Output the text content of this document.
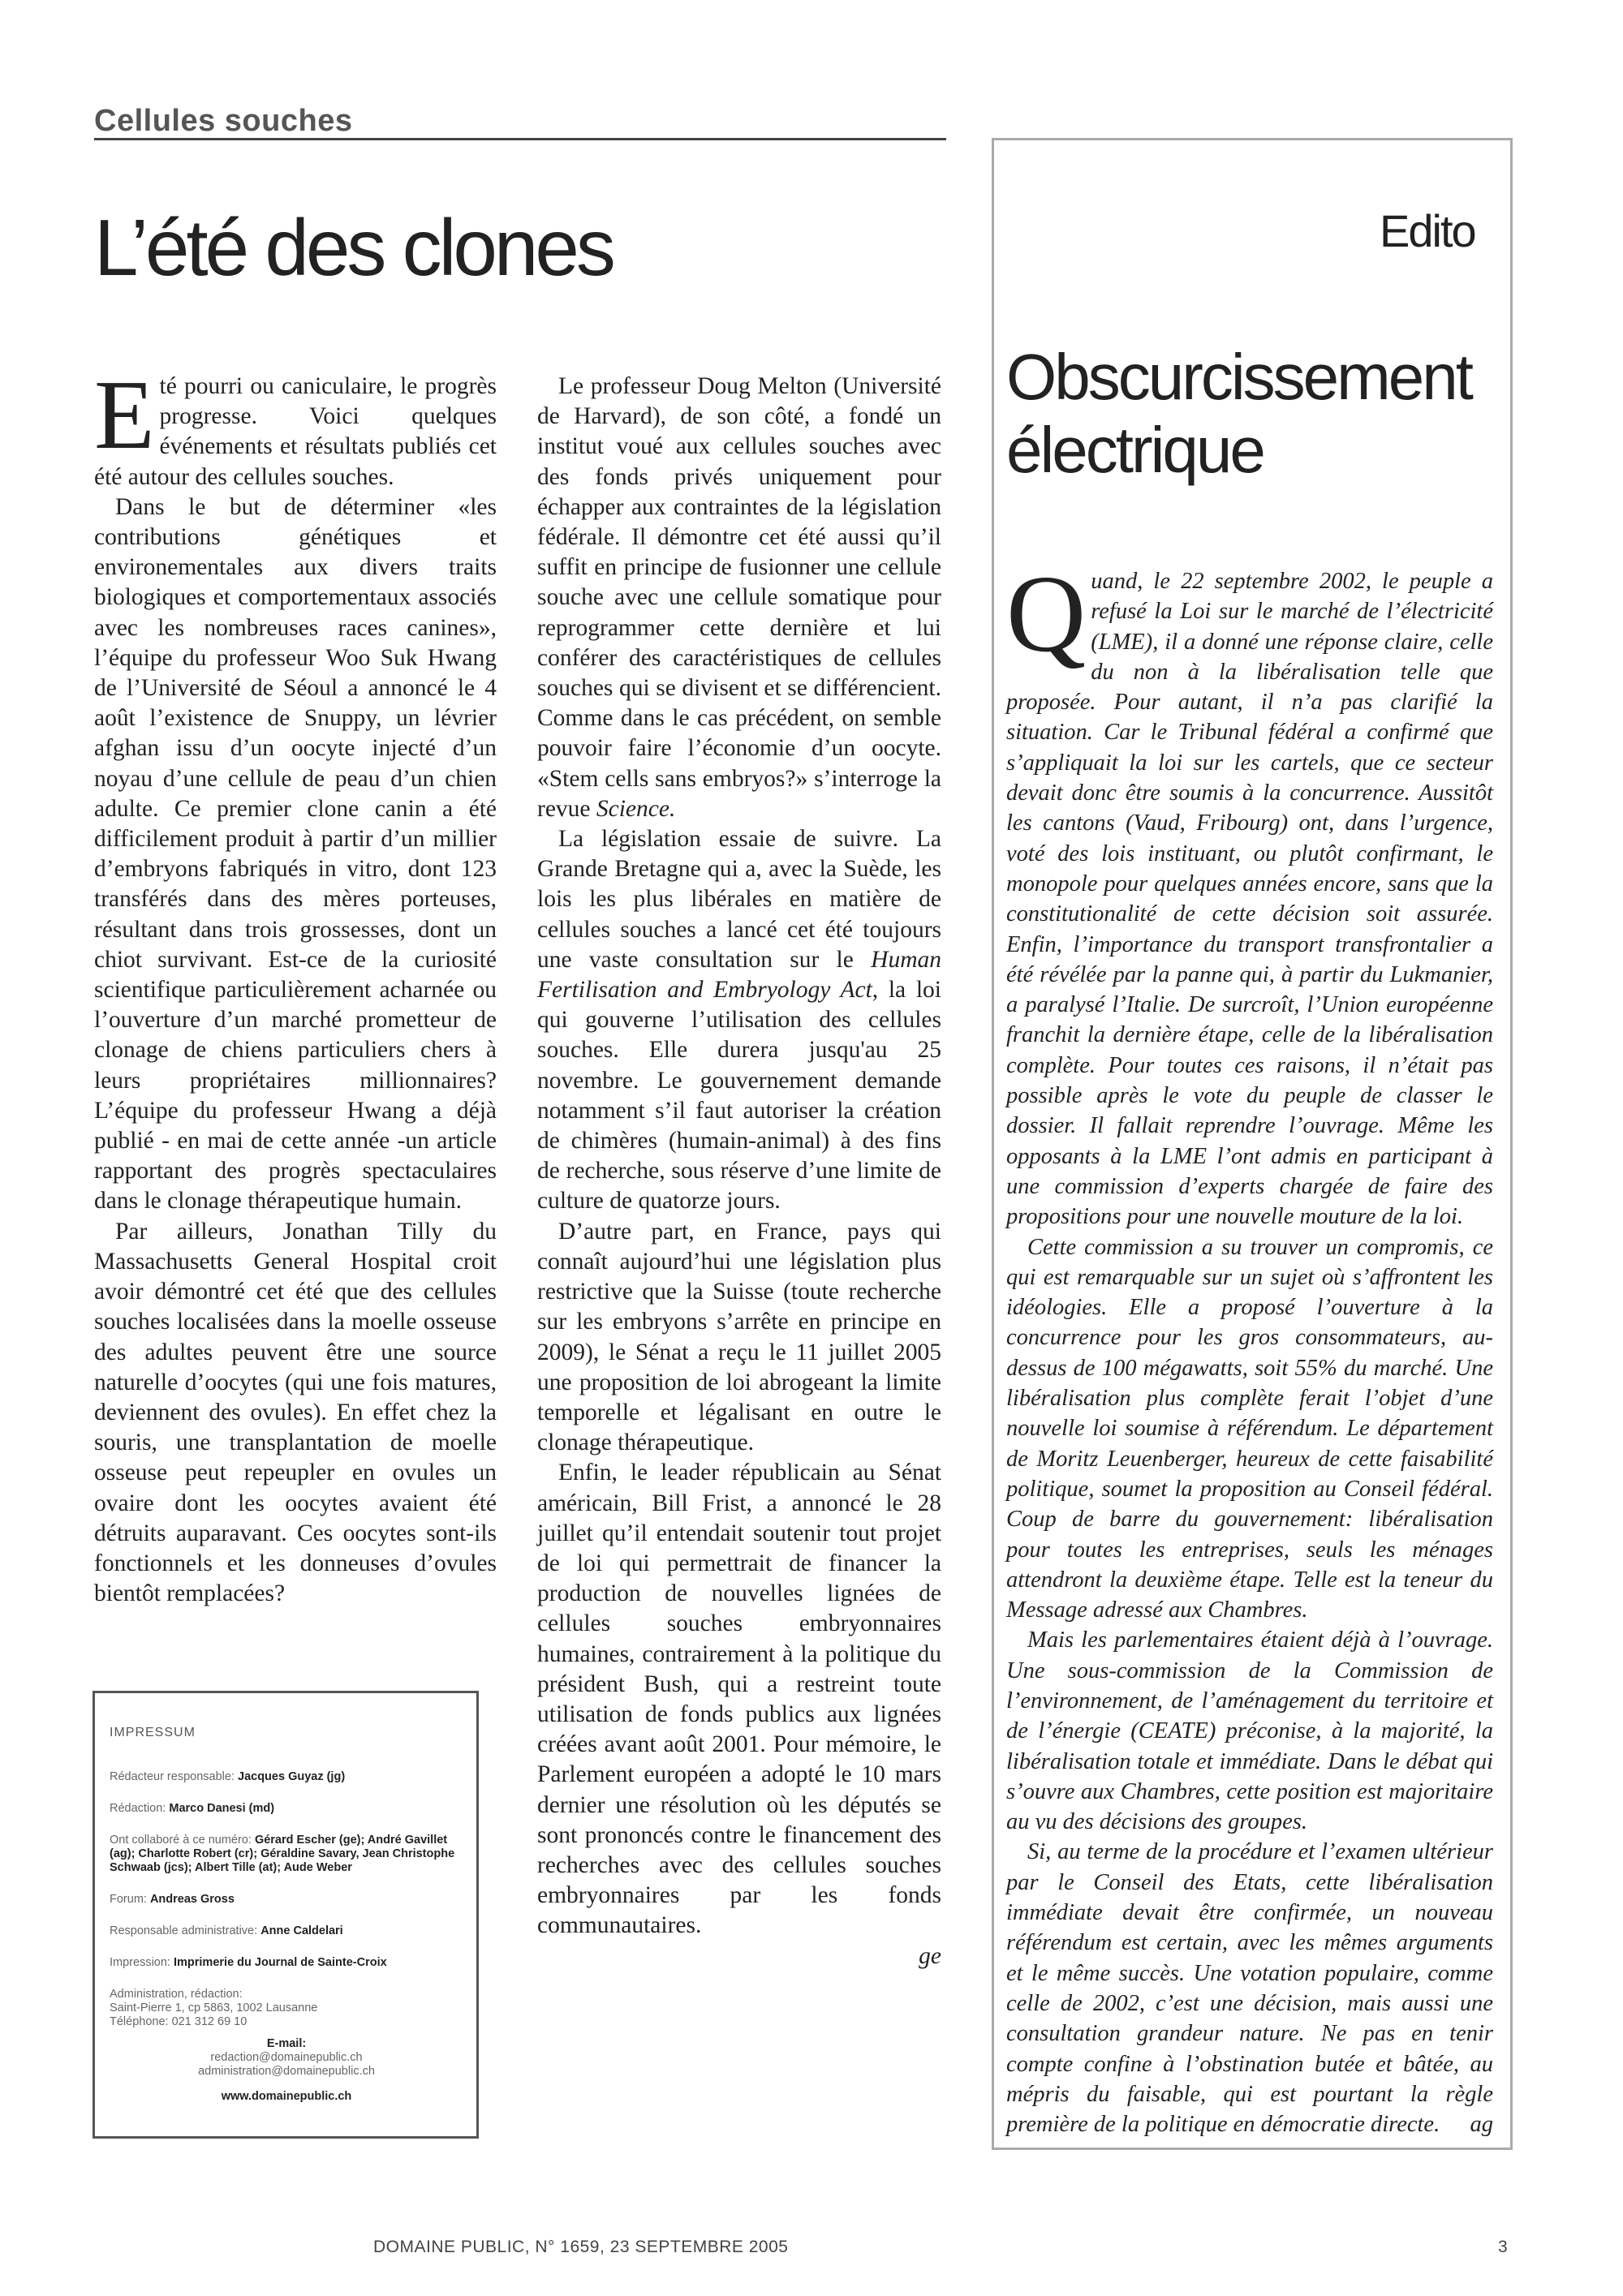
Cellules souches
L’été des clones

Eté pourri ou caniculaire, le progrès progresse. Voici quelques événements et résultats publiés cet été autour des cellules souches.

Dans le but de déterminer «les contributions génétiques et environementales aux divers traits biologiques et comportementaux associés avec les nombreuses races canines», l’équipe du professeur Woo Suk Hwang de l’Université de Séoul a annoncé le 4 août l’existence de Snuppy, un lévrier afghan issu d’un oocyte injecté d’un noyau d’une cellule de peau d’un chien adulte. Ce premier clone canin a été difficilement produit à partir d’un millier d’embryons fabriqués in vitro, dont 123 transférés dans des mères porteuses, résultant dans trois grossesses, dont un chiot survivant. Est-ce de la curiosité scientifique particulièrement acharnée ou l’ouverture d’un marché prometteur de clonage de chiens particuliers chers à leurs propriétaires millionnaires? L’équipe du professeur Hwang a déjà publié - en mai de cette année -un article rapportant des progrès spectaculaires dans le clonage thérapeutique humain.

Par ailleurs, Jonathan Tilly du Massachusetts General Hospital croit avoir démontré cet été que des cellules souches localisées dans la moelle osseuse des adultes peuvent être une source naturelle d’oocytes (qui une fois matures, deviennent des ovules). En effet chez la souris, une transplantation de moelle osseuse peut repeupler en ovules un ovaire dont les oocytes avaient été détruits auparavant. Ces oocytes sont-ils fonctionnels et les donneuses d’ovules bientôt remplacées?

Le professeur Doug Melton (Université de Harvard), de son côté, a fondé un institut voué aux cellules souches avec des fonds privés uniquement pour échapper aux contraintes de la législation fédérale. Il démontre cet été aussi qu’il suffit en principe de fusionner une cellule souche avec une cellule somatique pour reprogrammer cette dernière et lui conférer des caractéristiques de cellules souches qui se divisent et se différencient. Comme dans le cas précédent, on semble pouvoir faire l’économie d’un oocyte. «Stem cells sans embryos?» s’interroge la revue Science.

La législation essaie de suivre. La Grande Bretagne qui a, avec la Suède, les lois les plus libérales en matière de cellules souches a lancé cet été toujours une vaste consultation sur le Human Fertilisation and Embryology Act, la loi qui gouverne l’utilisation des cellules souches. Elle durera jusqu'au 25 novembre. Le gouvernement demande notamment s’il faut autoriser la création de chimères (humain-animal) à des fins de recherche, sous réserve d’une limite de culture de quatorze jours.

D’autre part, en France, pays qui connaît aujourd’hui une législation plus restrictive que la Suisse (toute recherche sur les embryons s’arrête en principe en 2009), le Sénat a reçu le 11 juillet 2005 une proposition de loi abrogeant la limite temporelle et légalisant en outre le clonage thérapeutique.

Enfin, le leader républicain au Sénat américain, Bill Frist, a annoncé le 28 juillet qu’il entendait soutenir tout projet de loi qui permettrait de financer la production de nouvelles lignées de cellules souches embryonnaires humaines, contrairement à la politique du président Bush, qui a restreint toute utilisation de fonds publics aux lignées créées avant août 2001. Pour mémoire, le Parlement européen a adopté le 10 mars dernier une résolution où les députés se sont prononcés contre le financement des recherches avec des cellules souches embryonnaires par les fonds communautaires.

ge
IMPRESSUM
Rédacteur responsable: Jacques Guyaz (jg)
Rédaction: Marco Danesi (md)
Ont collaboré à ce numéro: Gérard Escher (ge); André Gavillet (ag); Charlotte Robert (cr); Géraldine Savary, Jean Christophe Schwaab (jcs); Albert Tille (at); Aude Weber
Forum: Andreas Gross
Responsable administrative: Anne Caldelari
Impression: Imprimerie du Journal de Sainte-Croix
Administration, rédaction:
Saint-Pierre 1, cp 5863, 1002 Lausanne
Téléphone: 021 312 69 10
E-mail:
redaction@domainepublic.ch
administration@domainepublic.ch
www.domainepublic.ch
Edito
Obscurcissement électrique

Quand, le 22 septembre 2002, le peuple a refusé la Loi sur le marché de l’électricité (LME), il a donné une réponse claire, celle du non à la libéralisation telle que proposée. Pour autant, il n’a pas clarifié la situation. Car le Tribunal fédéral a confirmé que s’appliquait la loi sur les cartels, que ce secteur devait donc être soumis à la concurrence. Aussitôt les cantons (Vaud, Fribourg) ont, dans l’urgence, voté des lois instituant, ou plutôt confirmant, le monopole pour quelques années encore, sans que la constitutionalité de cette décision soit assurée. Enfin, l’importance du transport transfrontalier a été révélée par la panne qui, à partir du Lukmanier, a paralysé l’Italie. De surcroît, l’Union européenne franchit la dernière étape, celle de la libéralisation complète. Pour toutes ces raisons, il n’était pas possible après le vote du peuple de classer le dossier. Il fallait reprendre l’ouvrage. Même les opposants à la LME l’ont admis en participant à une commission d’experts chargée de faire des propositions pour une nouvelle mouture de la loi.

Cette commission a su trouver un compromis, ce qui est remarquable sur un sujet où s’affrontent les idéologies. Elle a proposé l’ouverture à la concurrence pour les gros consommateurs, au-dessus de 100 mégawatts, soit 55% du marché. Une libéralisation plus complète ferait l’objet d’une nouvelle loi soumise à référendum. Le département de Moritz Leuenberger, heureux de cette faisabilité politique, soumet la proposition au Conseil fédéral. Coup de barre du gouvernement: libéralisation pour toutes les entreprises, seuls les ménages attendront la deuxième étape. Telle est la teneur du Message adressé aux Chambres.

Mais les parlementaires étaient déjà à l’ouvrage. Une sous-commission de la Commission de l’environnement, de l’aménagement du territoire et de l’énergie (CEATE) préconise, à la majorité, la libéralisation totale et immédiate. Dans le débat qui s’ouvre aux Chambres, cette position est majoritaire au vu des décisions des groupes.

Si, au terme de la procédure et l’examen ultérieur par le Conseil des Etats, cette libéralisation immédiate devait être confirmée, un nouveau référendum est certain, avec les mêmes arguments et le même succès. Une votation populaire, comme celle de 2002, c’est une décision, mais aussi une consultation grandeur nature. Ne pas en tenir compte confine à l’obstination butée et bâtée, au mépris du faisable, qui est pourtant la règle première de la politique en démocratie directe.	ag

DOMAINE PUBLIC, N° 1659, 23 SEPTEMBRE 2005	3
